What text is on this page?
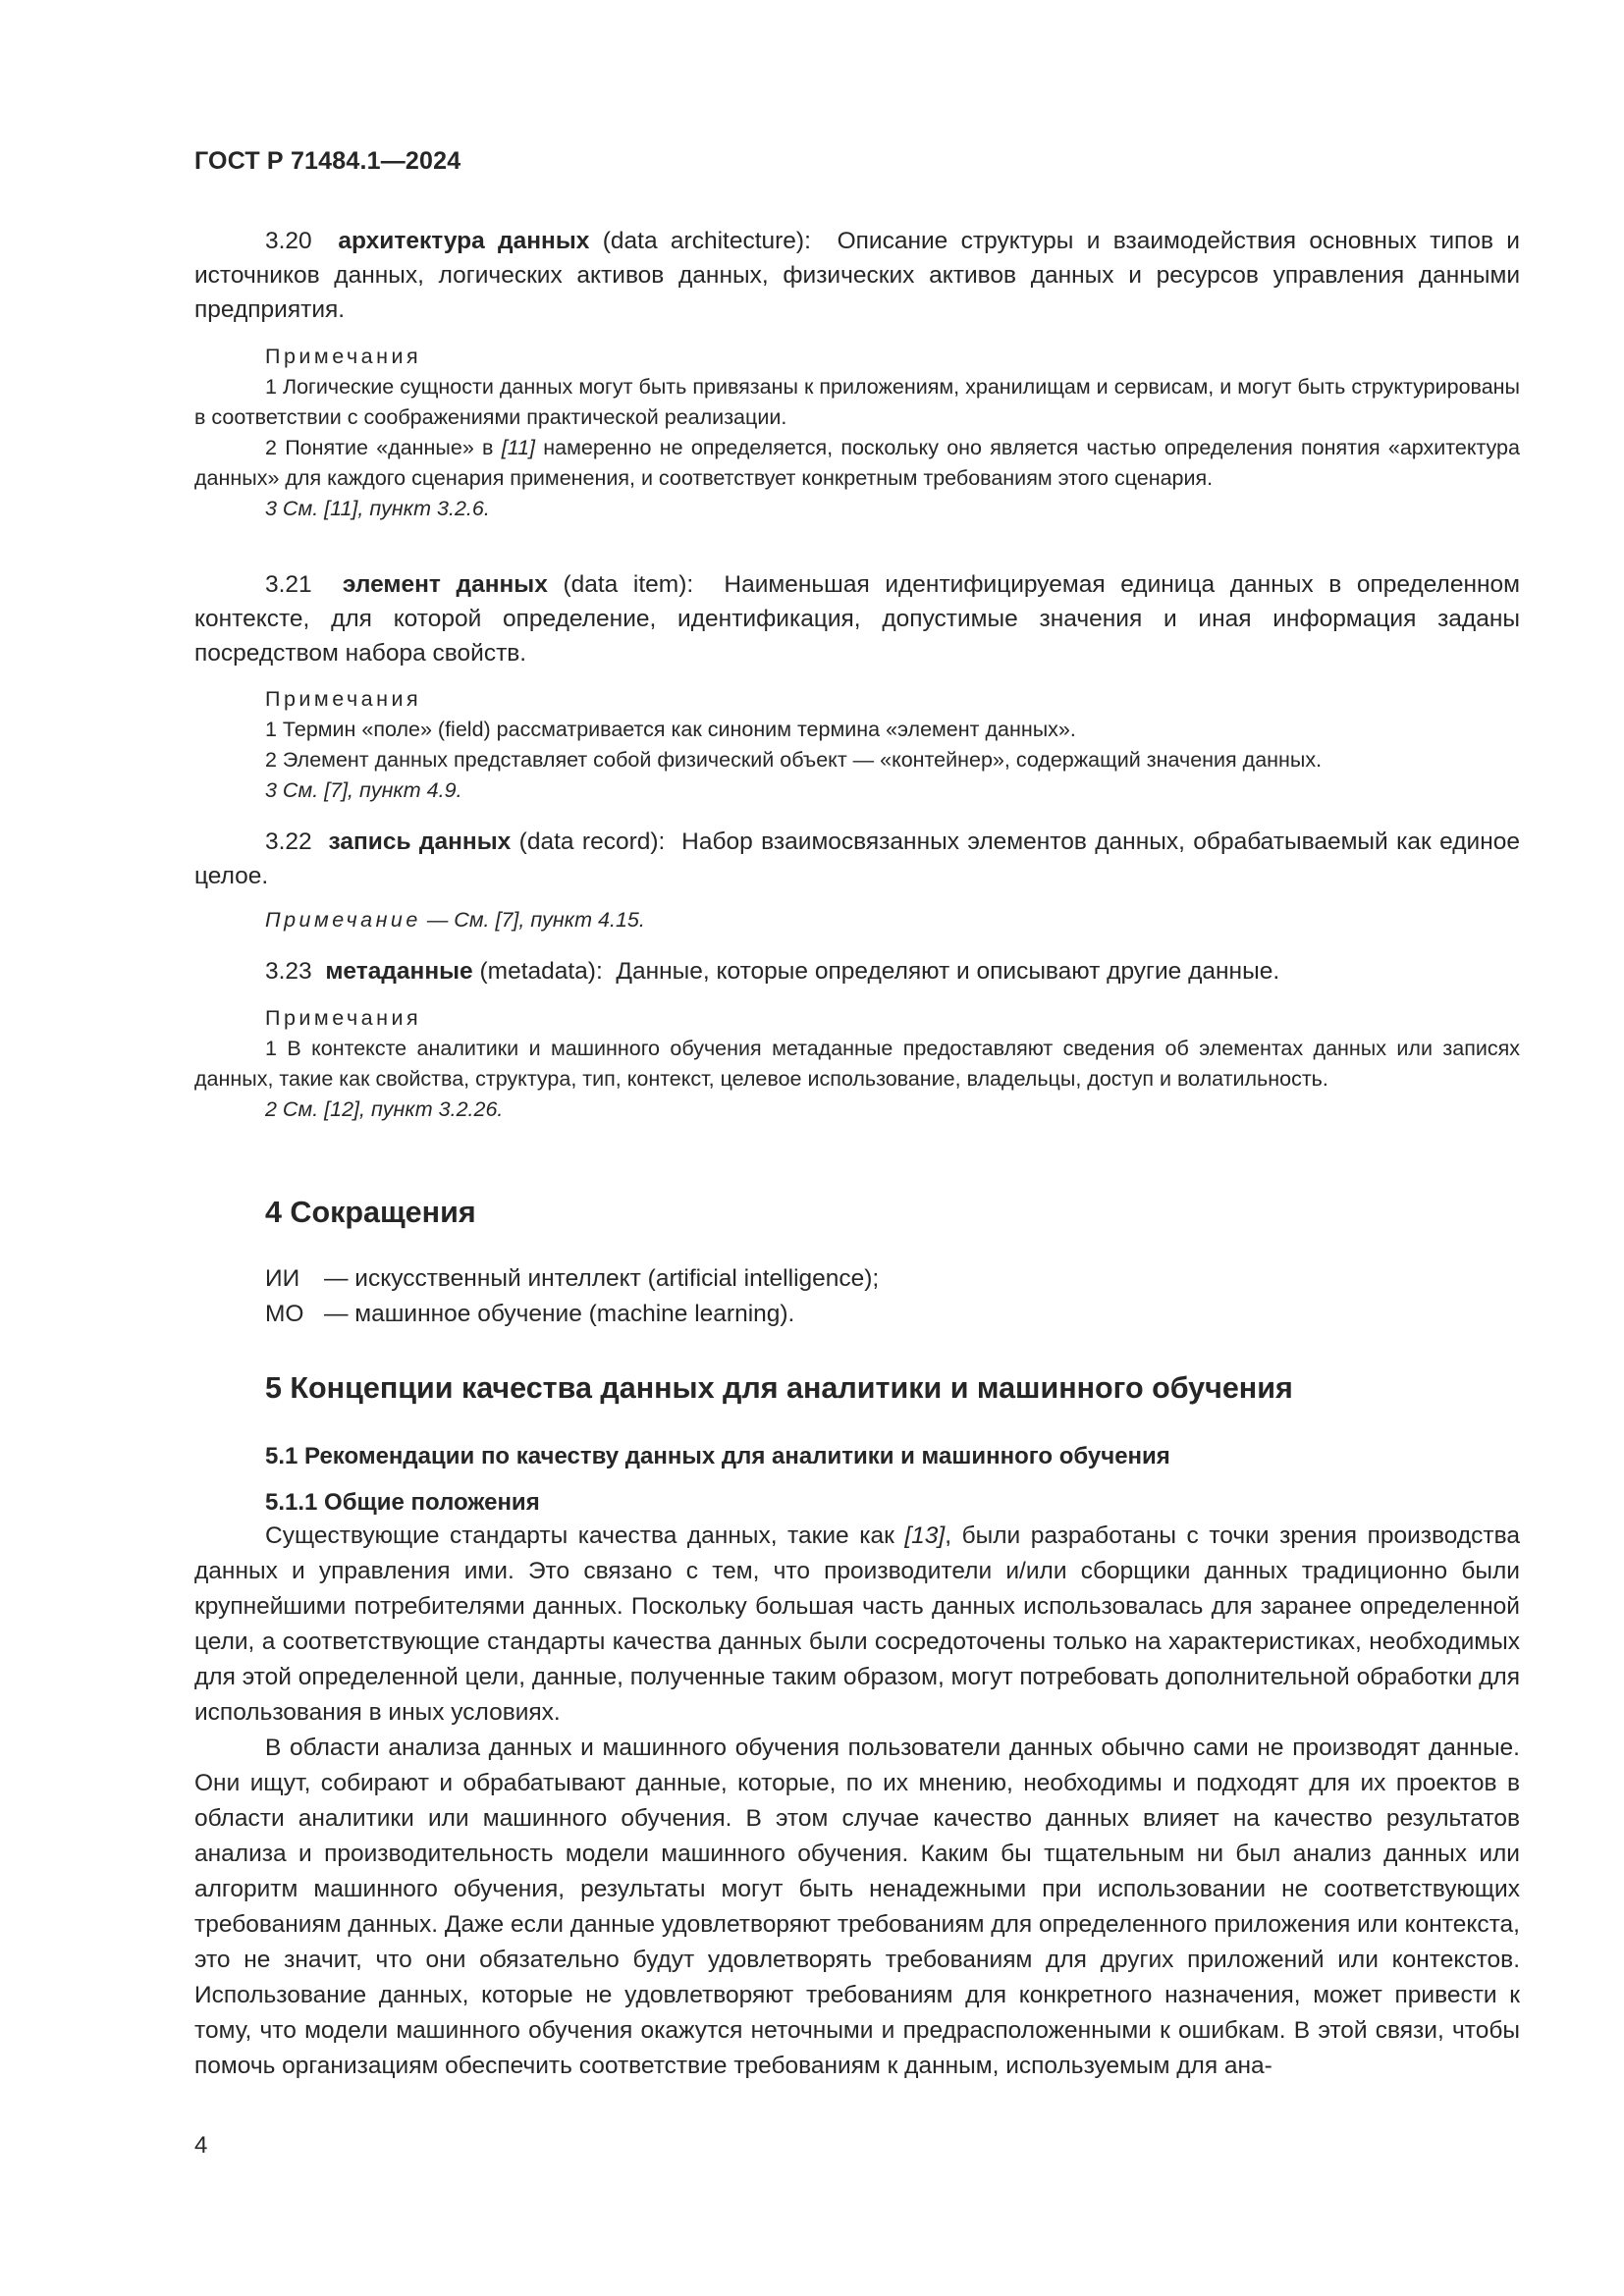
ГОСТ Р 71484.1—2024
3.20 архитектура данных (data architecture): Описание структуры и взаимодействия основных типов и источников данных, логических активов данных, физических активов данных и ресурсов управления данными предприятия.
Примечания
1 Логические сущности данных могут быть привязаны к приложениям, хранилищам и сервисам, и могут быть структурированы в соответствии с соображениями практической реализации.
2 Понятие «данные» в [11] намеренно не определяется, поскольку оно является частью определения понятия «архитектура данных» для каждого сценария применения, и соответствует конкретным требованиям этого сценария.
3 См. [11], пункт 3.2.6.
3.21 элемент данных (data item): Наименьшая идентифицируемая единица данных в определенном контексте, для которой определение, идентификация, допустимые значения и иная информация заданы посредством набора свойств.
Примечания
1 Термин «поле» (field) рассматривается как синоним термина «элемент данных».
2 Элемент данных представляет собой физический объект — «контейнер», содержащий значения данных.
3 См. [7], пункт 4.9.
3.22 запись данных (data record): Набор взаимосвязанных элементов данных, обрабатываемый как единое целое.
Примечание — См. [7], пункт 4.15.
3.23 метаданные (metadata): Данные, которые определяют и описывают другие данные.
Примечания
1 В контексте аналитики и машинного обучения метаданные предоставляют сведения об элементах данных или записях данных, такие как свойства, структура, тип, контекст, целевое использование, владельцы, доступ и волатильность.
2 См. [12], пункт 3.2.26.
4 Сокращения
ИИ — искусственный интеллект (artificial intelligence);
МО — машинное обучение (machine learning).
5 Концепции качества данных для аналитики и машинного обучения
5.1 Рекомендации по качеству данных для аналитики и машинного обучения
5.1.1 Общие положения

Существующие стандарты качества данных, такие как [13], были разработаны с точки зрения производства данных и управления ими. Это связано с тем, что производители и/или сборщики данных традиционно были крупнейшими потребителями данных. Поскольку большая часть данных использовалась для заранее определенной цели, а соответствующие стандарты качества данных были сосредоточены только на характеристиках, необходимых для этой определенной цели, данные, полученные таким образом, могут потребовать дополнительной обработки для использования в иных условиях.

В области анализа данных и машинного обучения пользователи данных обычно сами не производят данные. Они ищут, собирают и обрабатывают данные, которые, по их мнению, необходимы и подходят для их проектов в области аналитики или машинного обучения. В этом случае качество данных влияет на качество результатов анализа и производительность модели машинного обучения. Каким бы тщательным ни был анализ данных или алгоритм машинного обучения, результаты могут быть ненадежными при использовании не соответствующих требованиям данных. Даже если данные удовлетворяют требованиям для определенного приложения или контекста, это не значит, что они обязательно будут удовлетворять требованиям для других приложений или контекстов. Использование данных, которые не удовлетворяют требованиям для конкретного назначения, может привести к тому, что модели машинного обучения окажутся неточными и предрасположенными к ошибкам. В этой связи, чтобы помочь организациям обеспечить соответствие требованиям к данным, используемым для ана-

4
